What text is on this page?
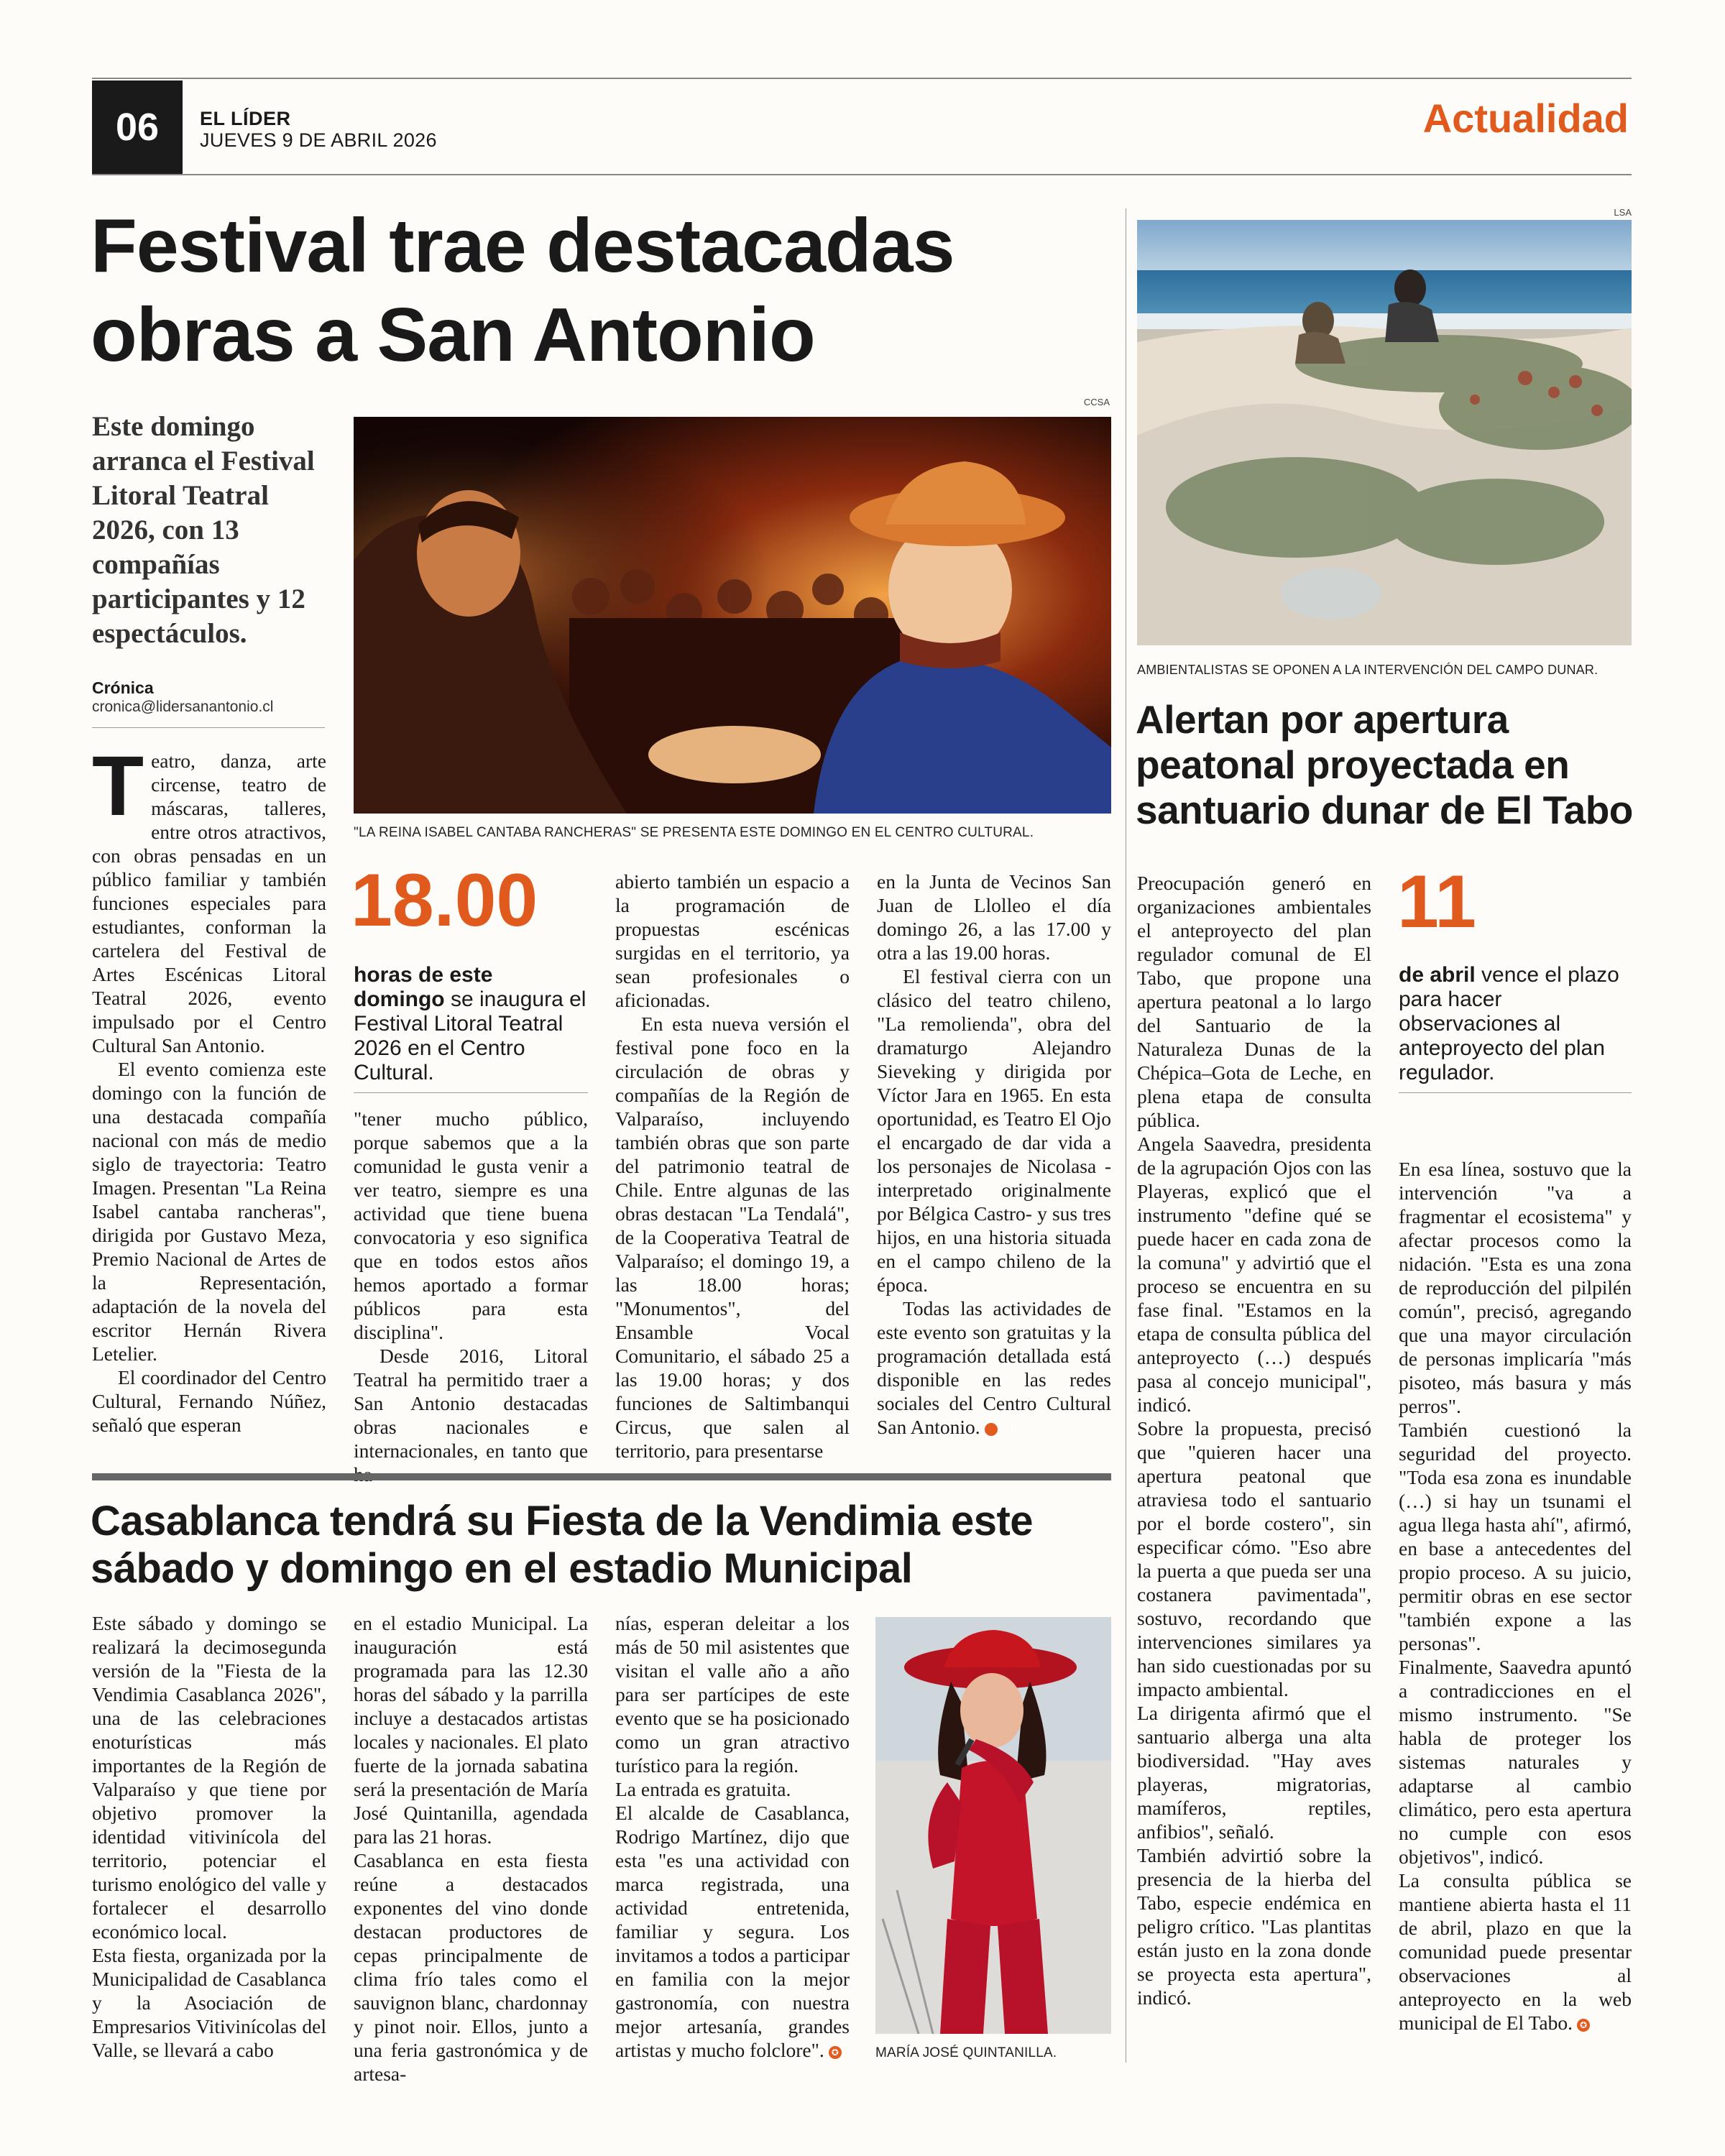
06 EL LÍDER
JUEVES 9 DE ABRIL 2026	Actualidad
Festival trae destacadas
obras a San Antonio
Este domingo arranca el Festival Litoral Teatral 2026, con 13 compañías participantes y 12 espectáculos.
Crónica
cronica@lidersanantonio.cl
CCSA
"LA REINA ISABEL CANTABA RANCHERAS" SE PRESENTA ESTE DOMINGO EN EL CENTRO CULTURAL.
18.00
horas de este domingo se inaugura el Festival Litoral Teatral 2026 en el Centro Cultural.

Teatro, danza, arte circense, teatro de máscaras, talleres, entre otros atractivos, con obras pensadas en un público familiar y también funciones especiales para estudiantes, conforman la cartelera del Festival de Artes Escénicas Litoral Teatral 2026, evento impulsado por el Centro Cultural San Antonio.

El evento comienza este domingo con la función de una destacada compañía nacional con más de medio siglo de trayectoria: Teatro Imagen. Presentan "La Reina Isabel cantaba rancheras", dirigida por Gustavo Meza, Premio Nacional de Artes de la Representación, adaptación de la novela del escritor Hernán Rivera Letelier.

El coordinador del Centro Cultural, Fernando Núñez, señaló que esperan

"tener mucho público, porque sabemos que a la comunidad le gusta venir a ver teatro, siempre es una actividad que tiene buena convocatoria y eso significa que en todos estos años hemos aportado a formar públicos para esta disciplina".

Desde 2016, Litoral Teatral ha permitido traer a San Antonio destacadas obras nacionales e internacionales, en tanto que

abierto también un espacio a la programación de propuestas escénicas surgidas en el territorio, ya sean profesionales o aficionadas.

En esta nueva versión el festival pone foco en la circulación de obras y compañías de la Región de Valparaíso, incluyendo también obras que son parte del patrimonio teatral de Chile. Entre algunas de las obras destacan "La Tendalá", de la Cooperativa Teatral de Valparaíso; el domingo 19, a las 18.00 horas; "Monumentos", del Ensamble Vocal Comunitario, el sábado 25 a las 19.00 horas; y dos funciones de Saltimbanqui Circus, que salen al territorio, para presentarse

en la Junta de Vecinos San Juan de Llolleo el día domingo 26, a las 17.00 y otra a las 19.00 horas.

El festival cierra con un clásico del teatro chileno, "La remolienda", obra del dramaturgo Alejandro Sieveking y dirigida por Víctor Jara en 1965. En esta oportunidad, es Teatro El Ojo el encargado de dar vida a los personajes de Nicolasa -interpretado originalmente por Bélgica Castro- y sus tres hijos, en una historia situada en el campo chileno de la época.

Todas las actividades de este evento son gratuitas y la programación detallada está disponible en las redes sociales del Centro Cultural San Antonio.	✪

LSA
AMBIENTALISTAS SE OPONEN A LA INTERVENCIÓN DEL CAMPO DUNAR.
Alertan por apertura peatonal proyectada en santuario dunar de El Tabo
11
de abril vence el plazo para hacer observaciones al anteproyecto del plan regulador.

Preocupación generó en organizaciones ambientales el anteproyecto del plan regulador comunal de El Tabo, que propone una apertura peatonal a lo largo del Santuario de la Naturaleza Dunas de la Chépica–Gota de Leche, en plena etapa de consulta pública.

Angela Saavedra, presidenta de la agrupación Ojos con las Playeras, explicó que el instrumento "define qué se puede hacer en cada zona de la comuna" y advirtió que el proceso se encuentra en su fase final. "Estamos en la etapa de consulta pública del anteproyecto (…) después pasa al concejo municipal", indicó.

Sobre la propuesta, precisó que "quieren hacer una apertura peatonal que atraviesa todo el santuario por el borde costero", sin especificar cómo. "Eso abre la puerta a que pueda ser una costanera pavimentada", sostuvo, recordando que intervenciones similares ya han sido cuestionadas por su impacto ambiental.

La dirigenta afirmó que el santuario alberga una alta biodiversidad. "Hay aves playeras, migratorias, mamíferos, reptiles, anfibios", señaló.

También advirtió sobre la presencia de la hierba del Tabo, especie endémica en peligro crítico. "Las plantitas están justo en la zona donde se proyecta esta apertura", indicó.

En esa línea, sostuvo que la intervención "va a fragmentar el ecosistema" y afectar procesos como la nidación. "Esta es una zona de reproducción del pilpilén común", precisó, agregando que una mayor circulación de personas implicaría "más pisoteo, más basura y más perros".

También cuestionó la seguridad del proyecto. "Toda esa zona es inundable (…) si hay un tsunami el agua llega hasta ahí", afirmó, en base a antecedentes del propio proceso. A su juicio, permitir obras en ese sector "también expone a las personas".

Finalmente, Saavedra apuntó a contradicciones en el mismo instrumento. "Se habla de proteger los sistemas naturales y adaptarse al cambio climático, pero esta apertura no cumple con esos objetivos", indicó.

La consulta pública se mantiene abierta hasta el 11 de abril, plazo en que la comunidad puede presentar observaciones al anteproyecto en la web municipal de El Tabo. ✪

Casablanca tendrá su Fiesta de la Vendimia este
sábado y domingo en el estadio Municipal

Este sábado y domingo se realizará la decimosegunda versión de la "Fiesta de la Vendimia Casablanca 2026", una de las celebraciones enoturísticas más importantes de la Región de Valparaíso y que tiene por objetivo promover la identidad vitivinícola del territorio, potenciar el turismo enológico del valle y fortalecer el desarrollo económico local.

Esta fiesta, organizada por la Municipalidad de Casablanca y la Asociación de Empresarios Vitivinícolas del Valle, se llevará a cabo

en el estadio Municipal. La inauguración está programada para las 12.30 horas del sábado y la parrilla incluye a destacados artistas locales y nacionales. El plato fuerte de la jornada sabatina será la presentación de María José Quintanilla, agendada para las 21 horas.

Casablanca en esta fiesta reúne a destacados exponentes del vino donde destacan productores de cepas principalmente de clima frío tales como el sauvignon blanc, chardonnay y pinot noir. Ellos, junto a una feria gastronómica y de artesa-

nías, esperan deleitar a los más de 50 mil asistentes que visitan el valle año a año para ser partícipes de este evento que se ha posicionado como un gran atractivo turístico para la región.

La entrada es gratuita.

El alcalde de Casablanca, Rodrigo Martínez, dijo que esta "es una actividad con marca registrada, una actividad entretenida, familiar y segura. Los invitamos a todos a participar en familia con la mejor gastronomía, con nuestra mejor artesanía, grandes artistas y mucho folclore". ✪	MARÍA JOSÉ QUINTANILLA.
